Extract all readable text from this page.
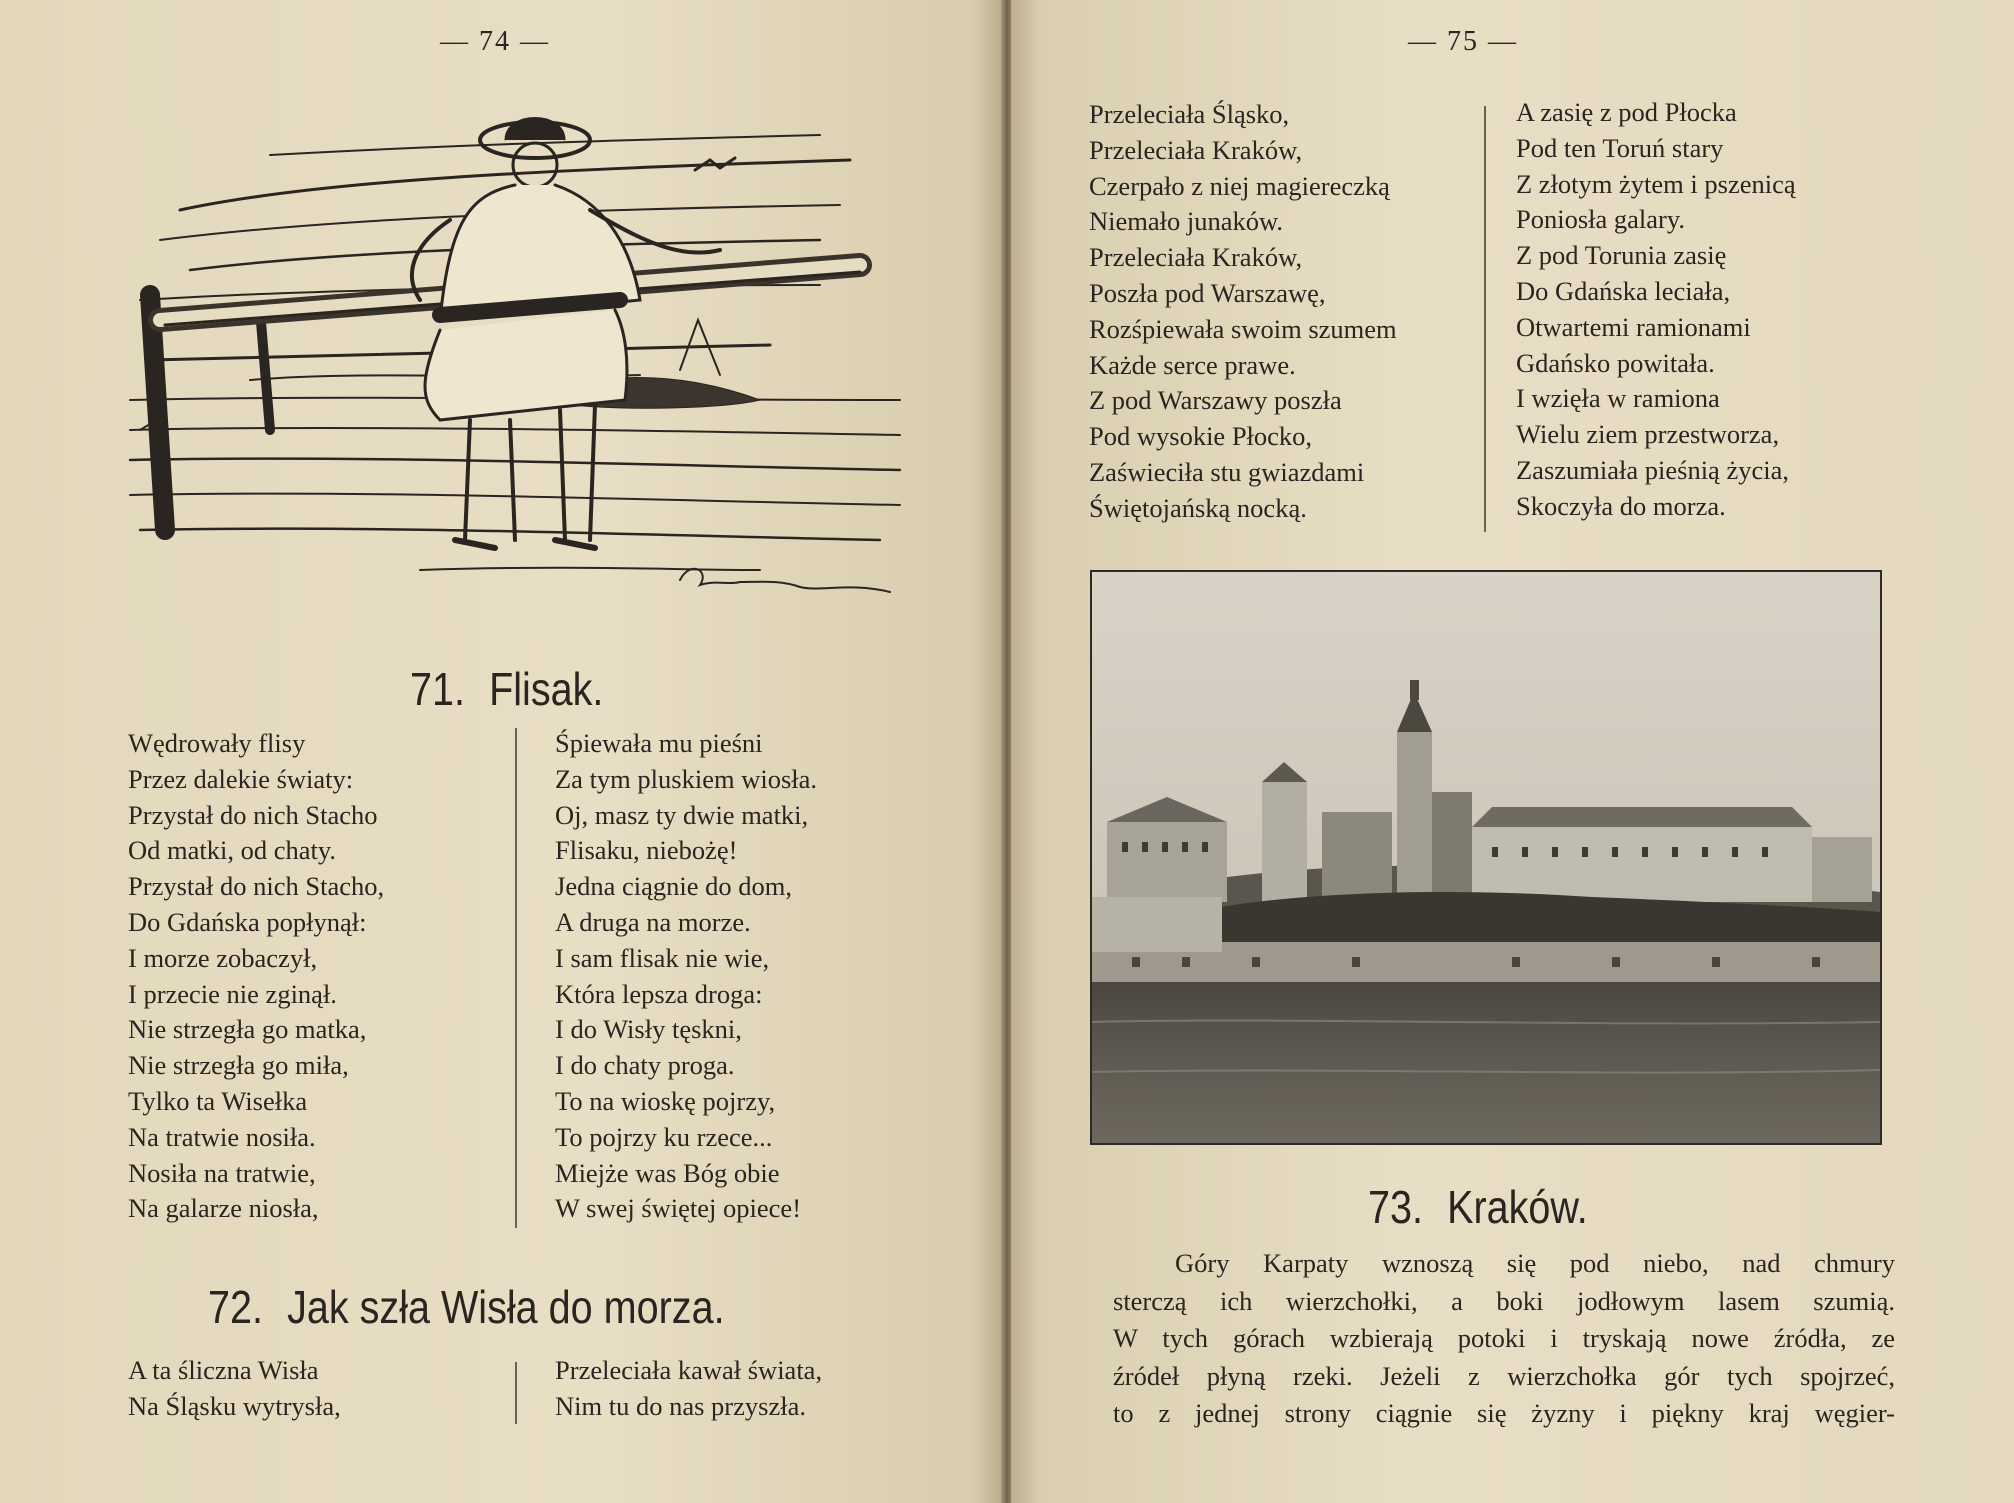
— 74 —
71. Flisak.
Wędrowały flisy
Przez dalekie światy:
Przystał do nich Stacho
Od matki, od chaty.
Przystał do nich Stacho,
Do Gdańska popłynął:
I morze zobaczył,
I przecie nie zginął.
Nie strzegła go matka,
Nie strzegła go miła,
Tylko ta Wisełka
Na tratwie nosiła.
Nosiła na tratwie,
Na galarze niosła,
Śpiewała mu pieśni
Za tym pluskiem wiosła.
Oj, masz ty dwie matki,
Flisaku, niebożę!
Jedna ciągnie do dom,
A druga na morze.
I sam flisak nie wie,
Która lepsza droga:
I do Wisły tęskni,
I do chaty proga.
To na wioskę pojrzy,
To pojrzy ku rzece...
Miejże was Bóg obie
W swej świętej opiece!
72. Jak szła Wisła do morza.
A ta śliczna Wisła
Na Śląsku wytrysła,
Przeleciała kawał świata,
Nim tu do nas przyszła.
— 75 —
Przeleciała Śląsko,
Przeleciała Kraków,
Czerpało z niej magiereczką
Niemało junaków.
Przeleciała Kraków,
Poszła pod Warszawę,
Rozśpiewała swoim szumem
Każde serce prawe.
Z pod Warszawy poszła
Pod wysokie Płocko,
Zaświeciła stu gwiazdami
Świętojańską nocką.
A zasię z pod Płocka
Pod ten Toruń stary
Z złotym żytem i pszenicą
Poniosła galary.
Z pod Torunia zasię
Do Gdańska leciała,
Otwartemi ramionami
Gdańsko powitała.
I wzięła w ramiona
Wielu ziem przestworza,
Zaszumiała pieśnią życia,
Skoczyła do morza.
73. Kraków.
Góry Karpaty wznoszą się pod niebo, nad chmury
sterczą ich wierzchołki, a boki jodłowym lasem szumią.
W tych górach wzbierają potoki i tryskają nowe źródła, ze
źródeł płyną rzeki. Jeżeli z wierzchołka gór tych spojrzeć,
to z jednej strony ciągnie się żyzny i piękny kraj węgier-
